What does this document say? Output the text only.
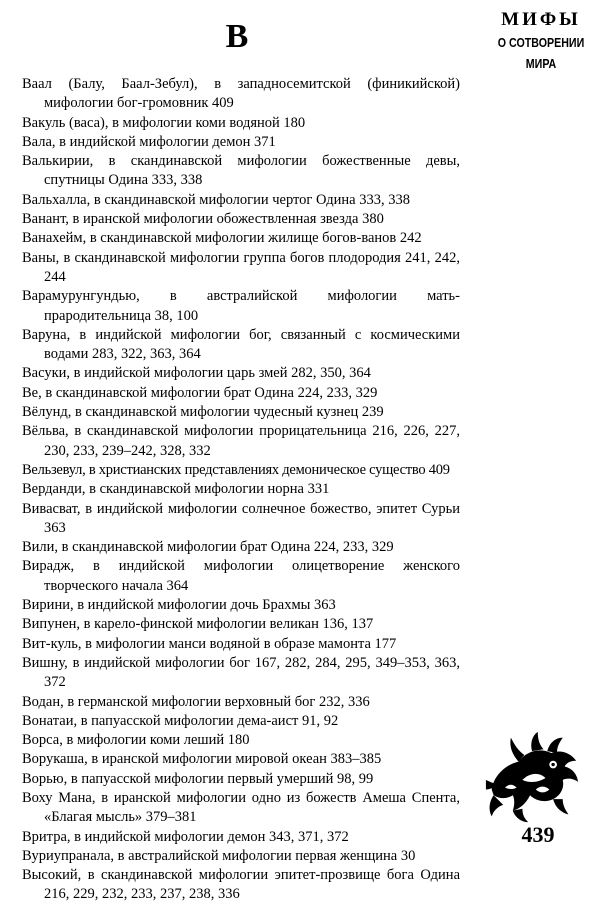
В	МИФЫ
О СОТВОРЕНИИ
МИРА
Ваал (Балу, Баал-Зебул), в западносемитской (финикийской) мифологии бог-громовник 409
Вакуль (васа), в мифологии коми водяной 180
Вала, в индийской мифологии демон 371
Валькирии, в скандинавской мифологии божественные девы, спутницы Одина 333, 338
Вальхалла, в скандинавской мифологии чертог Одина 333, 338
Ванант, в иранской мифологии обожествленная звезда 380
Ванахейм, в скандинавской мифологии жилище богов-ванов 242
Ваны, в скандинавской мифологии группа богов плодородия 241, 242, 244
Варамурунгундью, в австралийской мифологии мать-прародительница 38, 100
Варуна, в индийской мифологии бог, связанный с космическими водами 283, 322, 363, 364
Васуки, в индийской мифологии царь змей 282, 350, 364
Ве, в скандинавской мифологии брат Одина 224, 233, 329
Вёлунд, в скандинавской мифологии чудесный кузнец 239
Вёльва, в скандинавской мифологии прорицательница 216, 226, 227, 230, 233, 239–242, 328, 332
Вельзевул, в христианских представлениях демоническое существо 409
Верданди, в скандинавской мифологии норна 331
Вивасват, в индийской мифологии солнечное божество, эпитет Сурьи 363
Вили, в скандинавской мифологии брат Одина 224, 233, 329
Вирадж, в индийской мифологии олицетворение женского творческого начала 364
Вирини, в индийской мифологии дочь Брахмы 363
Випунен, в карело-финской мифологии великан 136, 137
Вит-куль, в мифологии манси водяной в образе мамонта 177
Вишну, в индийской мифологии бог 167, 282, 284, 295, 349–353, 363, 372
Водан, в германской мифологии верховный бог 232, 336
Вонатаи, в папуасской мифологии дема-аист 91, 92
Ворса, в мифологии коми леший 180
Ворукаша, в иранской мифологии мировой океан 383–385
Ворью, в папуасской мифологии первый умерший 98, 99
Воху Мана, в иранской мифологии одно из божеств Амеша Спента, «Благая мысль» 379–381
Вритра, в индийской мифологии демон 343, 371, 372
Вуриупранала, в австралийской мифологии первая женщина 30
Высокий, в скандинавской мифологии эпитет-прозвище бога Одина 216, 229, 232, 233, 237, 238, 336
439
